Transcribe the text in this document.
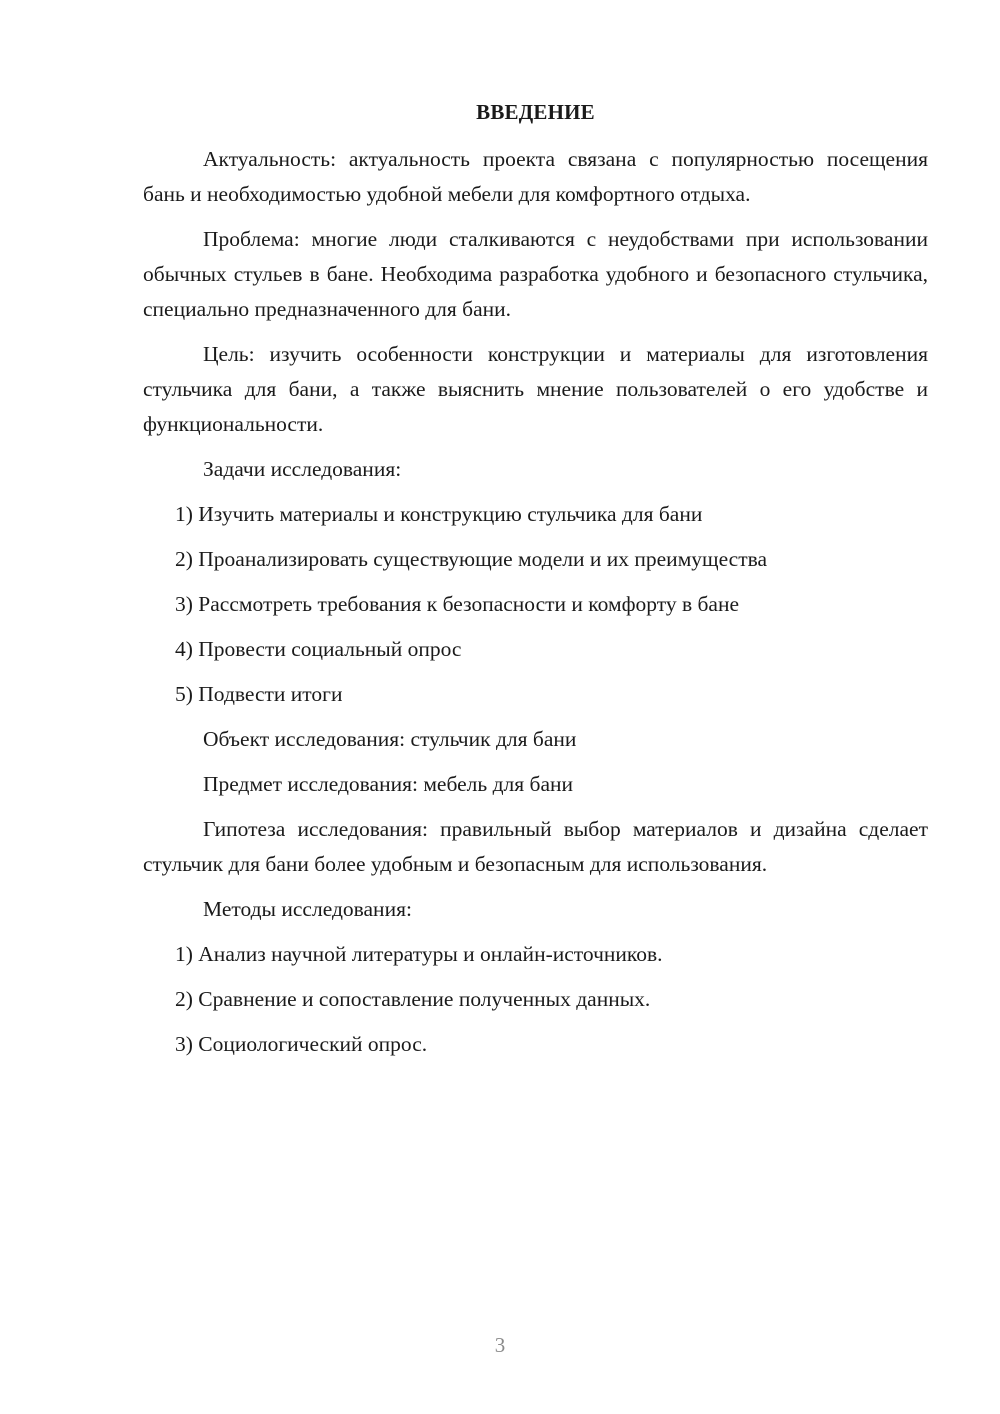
ВВЕДЕНИЕ
Актуальность: актуальность проекта связана с популярностью посещения бань и необходимостью удобной мебели для комфортного отдыха.
Проблема: многие люди сталкиваются с неудобствами при использовании обычных стульев в бане. Необходима разработка удобного и безопасного стульчика, специально предназначенного для бани.
Цель: изучить особенности конструкции и материалы для изготовления стульчика для бани, а также выяснить мнение пользователей о его удобстве и функциональности.
Задачи исследования:
1) Изучить материалы и конструкцию стульчика для бани
2) Проанализировать существующие модели и их преимущества
3) Рассмотреть требования к безопасности и комфорту в бане
4) Провести социальный опрос
5) Подвести итоги
Объект исследования: стульчик для бани
Предмет исследования: мебель для бани
Гипотеза исследования: правильный выбор материалов и дизайна сделает стульчик для бани более удобным и безопасным для использования.
Методы исследования:
1) Анализ научной литературы и онлайн-источников.
2) Сравнение и сопоставление полученных данных.
3) Социологический опрос.
3
